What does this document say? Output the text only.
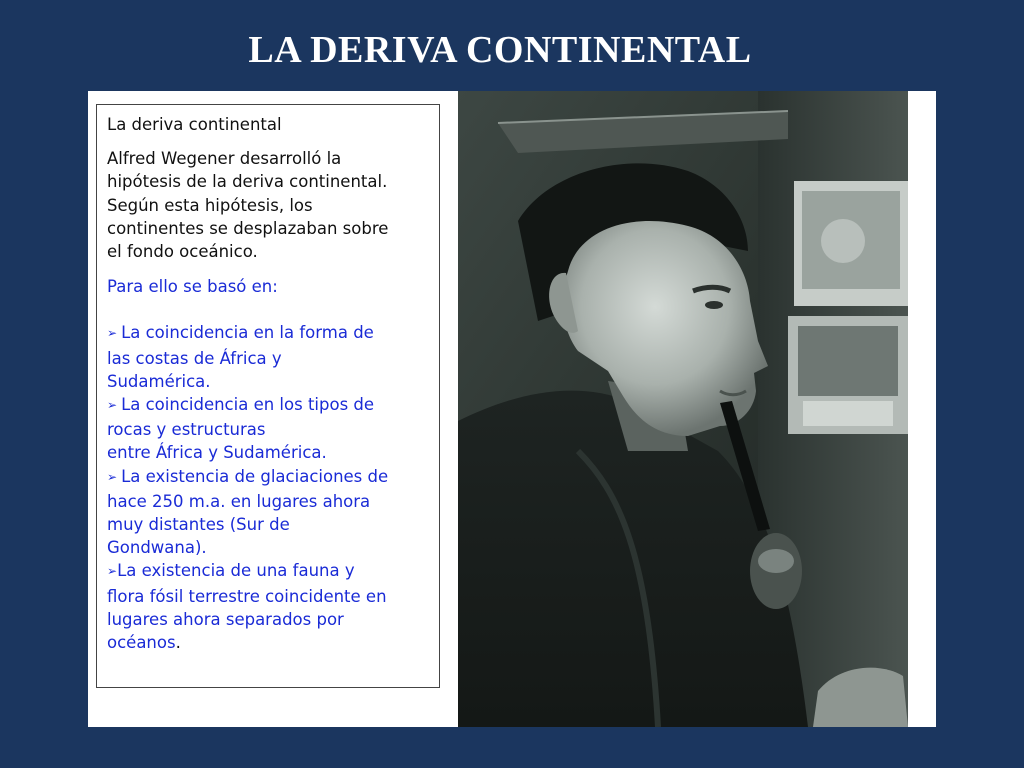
LA DERIVA CONTINENTAL
La deriva continental
Alfred Wegener desarrolló la
hipótesis de la deriva continental.
Según esta hipótesis, los
continentes se desplazaban sobre
el fondo oceánico.
Para ello se basó en:
➢ La coincidencia en la forma de
las costas de África y
Sudamérica.
➢ La coincidencia en los tipos de
rocas y estructuras
entre África y Sudamérica.
➢ La existencia de glaciaciones de
hace 250 m.a. en lugares ahora
muy distantes (Sur de
Gondwana).
➢La existencia de una fauna y
flora fósil terrestre coincidente en
lugares ahora separados por
océanos.
